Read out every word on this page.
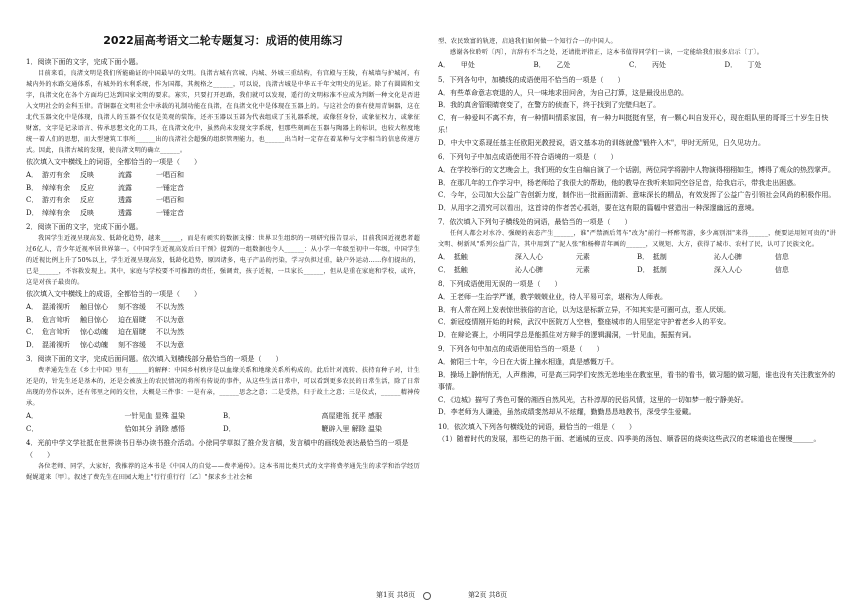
2022届高考语文二轮专题复习：成语的使用练习
1．阅读下面的文字，完成下面小题。
目前来看，良渚文明是我们所能确证的中国最早的文明。良渚古城有宫城、内城、外城三重结构，有宫殿与王陵，有城墙与护城河，有城内外的水路交通体系，有城外的水利系统，作为国都，其规格之______，可以说，良渚古城是中华五千年文明史的见证。除了有圆圆和文字，良渚文化在各个方面均已达到国家文明的要求。寡实，只要打开思路，我们就可以发现，遥行的文明标准不应成为判断一种文化是否进入文明社会的金科玉律。青铜器在文明社会中承载的礼制功能在良渚，在良渚文化中是体现在玉器上的。与这社会的套有使用青铜器，这在北代玉器文化中是体现，良渚人的玉器不仅仅是美观的装饰，还亦玉器以玉部为代表组成了玉礼器系统，或像狂身份，或象征权力，或象征财富，文字是记录语言、传承思想文化的工具，在良渚文化中，虽然尚未发现文字系统，但那些刻画在玉器与陶器上的标识，也较大程度地统一着人们的思想，而大型建筑工事所______出的良渚社会超强的组织管理能力，也______出当时一定存在着某种与文字相当的信息传递方式。因此，良渚古城的发现，使良渚文明的确立______。
依次填入文中横线上的词语，全都恰当的一项是（　　）
A． 游刃有余	反映	流露	一唱百和
B． 绰绰有余	反应	流露	一锤定音
C． 游刃有余	反应	透露	一唱百和
D． 绰绰有余	反映	透露	一锤定音
2．阅读下面的文字，完成下面小题。
我国学生近视呈现高发、低龄化趋势，越来______，而是有顽实的数据支撑：世界卫生组织的一项研究报告显示，目前我国近视患者超过6亿人，青少年近视率居世界第一。《中国学生近视高发后日干预》提到的一组数据也令人______：从小学一年级至初中一年级，中国学生的近视比例上升了50%以上，学生近视呈现高发，低龄化趋势，原因诸多，电子产品的污染，学习负担过重，缺户外运动……你们提出的，已是______，不容救发现上。其中，家庭与学校要不可推卸的责任，强调责，孩子近视，一旦家长______，但从是重在家庭和学校，或许，这是对孩子最贵的。
依次填入文中横线上的成语，全都恰当的一项是（　　）
A． 混淆视听	触目惊心	刻不容缓	不以为然
B． 危言耸听	触目惊心	迫在眉睫	不以为意
C． 危言耸听	惊心动魄	迫在眉睫	不以为然
D． 混淆视听	惊心动魄	刻不容缓	不以为意
3．阅读下面的文字，完成后面问题。依次填入划横线部分最恰当的一项是（　　）
费孝通先生在《乡土中国》里有______的解释：中国乡村秩序是以血缘关系和地缘关系所构成的。此后针对流转、扶持育种子对，计生还是的，针先生还是基本的，还是会被放上的农民情况的将所有传说的事件，从这些生活日常中，可以看到更多农民的日常生活，除了日常出现的劳作以外，还有邻里之间的交往，大概是三件事：一是有亲，______思念之意；二是受热，归于故土之意；三是仪式，______精神传承。
A．	一针见血 显殊 温染	B．	高屋建瓴 抚平 感服
C．	恰如其分 消除 感悟	D．	鞭辟入里 解除 温染
4．光前中学文学社抵在世界读书日举办读书推介活动。小徐同学草拟了推介发言稿，发言稿中的画线处表达最恰当的一项是（　　）
各位老师、同学，大家好，我推荐的这本书是《中国人的自觉——费孝通传》。这本书用比类只式的文字将费孝通先生的求学和治学经历娓娓道来〔甲〕。叙述了费先生在田园大地上"行行重行行〔乙〕"探求乡土社会秘
型、农民致富的轨迹，启迪我们如何做一个知行合一的中国人。
感谢各位聆听〔丙〕，言辞有不当之处，还请批评指正，这本书值得同学们一读，一定能给我们很多启示〔丁〕。
A． 甲处	B． 乙处	C． 丙处	D． 丁处
5．下列各句中，加横线的成语使用不恰当的一项是（　　）
A．有些革命意志衰退的人，只一味地求田问舍，为自己打算，这是最没出息的。
B．我的真舍管眼睛衰变了，在警方的侦查下，终于找到了完壁归赵了。
C．有一种爱叫不离不弃，有一种情叫情系家国，有一种力叫挺挺有坚，有一颗心叫自发开心，现在组队里的哥哥三十岁生日快乐！
D．中大中文系现任基主任欧阳光教授说，语文基本功的训练就像"锻杵入木"，甲时无所见，日久见功力。
6．下列句子中加点成语使用不符合语境的一项是（　　）
A．在学校举行的文艺晚会上，我们班的女生自编自演了一个话剧，两位同学将剧中人物演得栩栩如生，博得了观众的热烈掌声。
B．在那几年的工作学习中，杨老师给了我很大的帮助，他的教导在我听来如同空谷足音，给我启示，带我走出困惑。
C．今年，公司加大公益广告创新力度，制作出一批画面清新、意味深长的精品，有效发挥了公益广告引领社会风尚的积极作用。
D．从用字之清究可以看出，这首诗的作者苦心孤诣，要在这有限的篇幅中营造出一种深邃幽远的意境。
7．依次填入下列句子横线处的词语，最恰当的一项是（　　）
任何人都会对水冷、强硬的表态产生______，谁"严禁酒后驾车"改为"前行一杯醉驾游，多少离别泪"来得______，便要运用短可贵的"讲文明、树新风"系列公益广告，其中用到了"泥人张"和杨柳青年画的______，又规矩、大方，获得了城市、农村了民，认可了民族文化。
A． 抵触	深入人心	元素	B． 抵制	沁人心脾	信息
C． 抵触	沁人心脾	元素	D． 抵制	深入人心	信息
8．下列成语使用无误的一项是（　　）
A．王老师一生治学严谨，教学兢兢业业，待人平易可亲，堪称为人师表。
B．有人常在网上发表惊世骇俗的言论，以为这是标新立异，不知其实是可圈可点，惹人厌烦。
C．新冠疫情刚开始的时候，武汉中医院万人空巷，整座城市的人用坚定守护着老乡人的平安。
D．在辩论赛上，小明同学总是能抓住对方辩手的逻辑漏洞，一针见血，振振有词。
9．下列各句中加点的成语使用恰当的一项是（　　）
A．俯阳三十年，今日在大街上撞水相逢，真是感慨万千。
B．操场上静悄悄无，人声鼎沸，可是高三同学们安然无恙地坐在教室里，看书的看书，做习题的做习题，谁也没有关注教室外的事情。
C．《边城》描写了秀色可餐的湘西自然风光，古朴淳厚的民俗风情，这里的一切如梦一般宁静美好。
D．李老师为人谦逊，虽然成绩斐然却从不炫耀，勤勤恳恳地教书，深受学生爱戴。
10．依次填入下列各句横线处的词语，最恰当的一组是（　　）
（1）随着时代的发展，那些记的热干面、老通城的豆皮、四季美的汤包、顺香居的烧卖这些武汉的老味道也在慢慢______。
第1页 共8页	第2页 共8页
